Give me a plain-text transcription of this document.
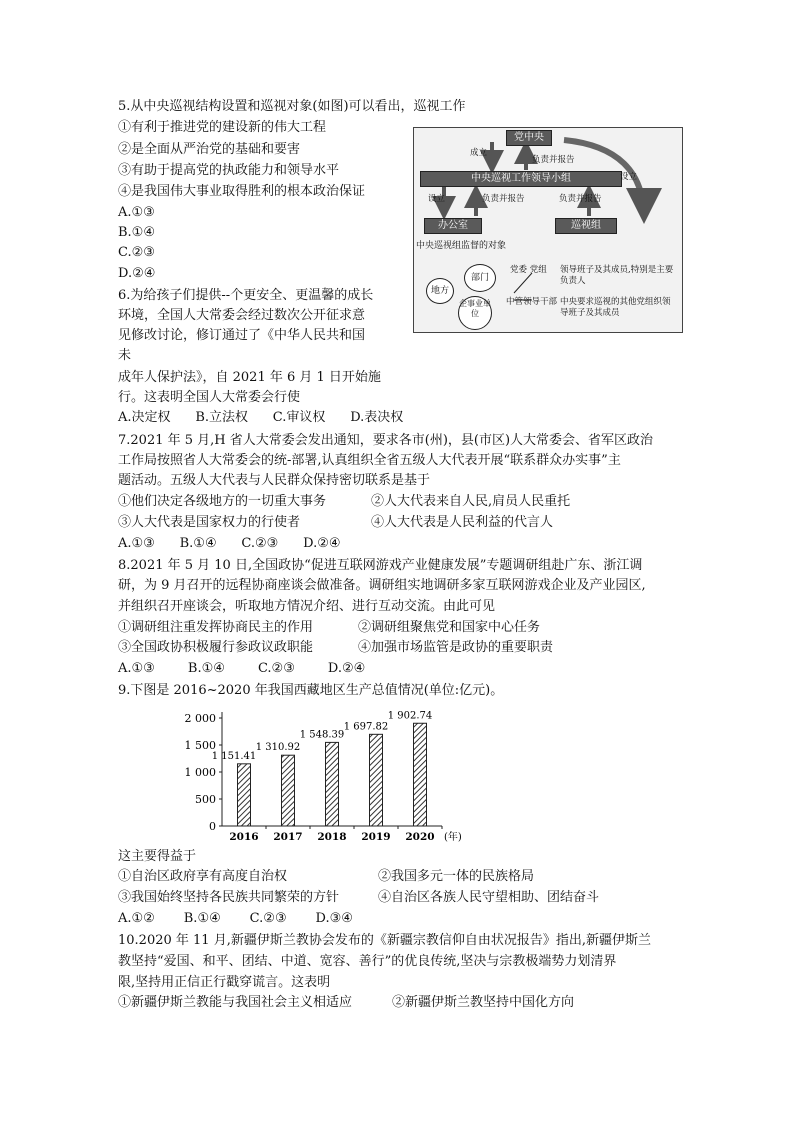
5.从中央巡视结构设置和巡视对象(如图)可以看出，巡视工作
①有利于推进党的建设新的伟大工程
②是全面从严治党的基础和要害
③有助于提高党的执政能力和领导水平
④是我国伟大事业取得胜利的根本政治保证
A.①③
B.①④
C.②③
D.②④
党中央
成立
负责并报告
中央巡视工作领导小组	设立
设立	负责并报告	负责并报告
办公室	巡视组
中央巡视组监督的对象
地方
部门
企事业单位
党委 党组 领导班子及其成员,特别是主要负责人
中管领导干部 中央要求巡视的其他党组织领导班子及其成员
6.为给孩子们提供--个更安全、更温馨的成长
环境，全国人大常委会经过数次公开征求意
见修改讨论，修订通过了《中华人民共和国
未
成年人保护法》，自 2021 年 6 月 1 日开始施
行。这表明全国人大常委会行使
A.决定权      B.立法权      C.审议权      D.表决权
7.2021 年 5 月,H 省人大常委会发出通知，要求各市(州)，县(市区)人大常委会、省军区政治
工作局按照省人大常委会的统-部署,认真组织全省五级人大代表开展“联系群众办实事”主
题活动。五级人大代表与人民群众保持密切联系是基于
①他们决定各级地方的一切重大事务	②人大代表来自人民,肩员人民重托
③人大代表是国家权力的行使者	④人大代表是人民利益的代言人
A.①③      B.①④      C.②③      D.②④
8.2021 年 5 月 10 日,全国政协“促进互联网游戏产业健康发展”专题调研组赴广东、浙江调
研，为 9 月召开的远程协商座谈会做准备。调研组实地调研多家互联网游戏企业及产业园区,
并组织召开座谈会，听取地方情况介绍、进行互动交流。由此可见
①调研组注重发挥协商民主的作用	②调研组聚焦党和国家中心任务
③全国政协积极履行参政议政职能	④加强市场监管是政协的重要职责
A.①③        B.①④        C.②③        D.②④
9.下图是 2016~2020 年我国西藏地区生产总值情况(单位:亿元)。
0
500
1 000
1 500
2 000
2016 2017 2018 2019 2020 (年)
1 151.41
1 310.92
1 548.39
1 697.82
1 902.74
这主要得益于
①自治区政府享有高度自治权	②我国多元一体的民族格局
③我国始终坚持各民族共同繁荣的方针	④自治区各族人民守望相助、团结奋斗
A.①②       B.①④       C.②③       D.③④
10.2020 年 11 月,新疆伊斯兰教协会发布的《新疆宗教信仰自由状况报告》指出,新疆伊斯兰
教坚持“爱国、和平、团结、中道、宽容、善行”的优良传统,坚决与宗教极端势力划清界
限,坚持用正信正行戳穿谎言。这表明
①新疆伊斯兰教能与我国社会主义相适应	②新疆伊斯兰教坚持中国化方向
